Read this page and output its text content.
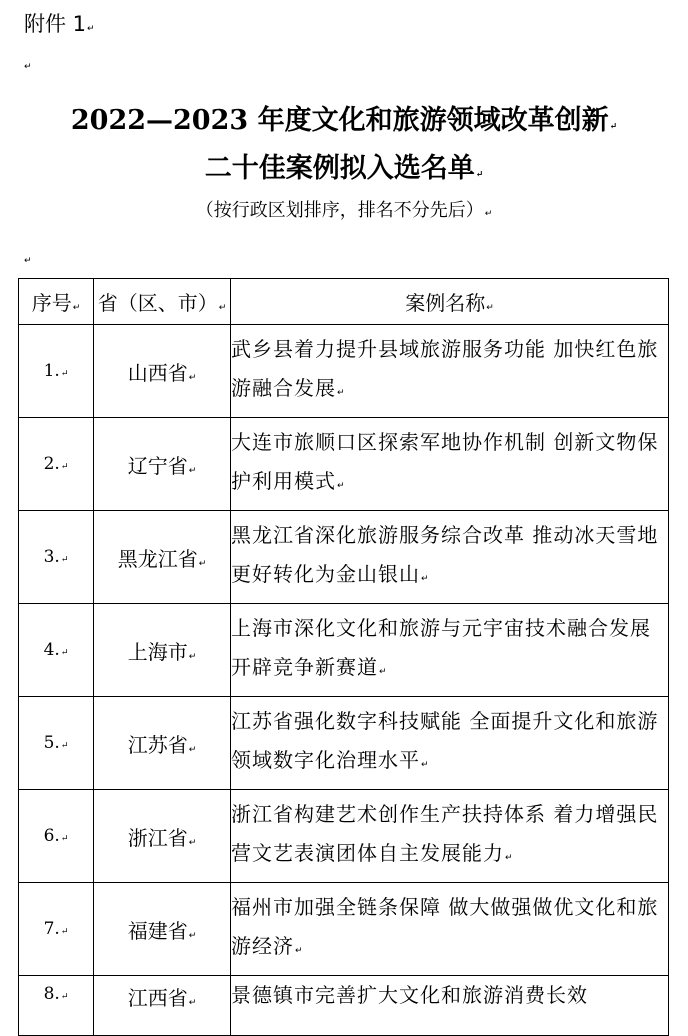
附件 1↵
↵
2022—2023 年度文化和旅游领域改革创新↵
二十佳案例拟入选名单↵
（按行政区划排序，排名不分先后）↵
↵
序号↵	省（区、市）↵	案例名称↵
1.↵	山西省↵	武乡县着力提升县域旅游服务功能 加快红色旅游融合发展↵
2.↵	辽宁省↵	大连市旅顺口区探索军地协作机制 创新文物保护利用模式↵
3.↵	黑龙江省↵	黑龙江省深化旅游服务综合改革 推动冰天雪地更好转化为金山银山↵
4.↵	上海市↵	上海市深化文化和旅游与元宇宙技术融合发展 开辟竞争新赛道↵
5.↵	江苏省↵	江苏省强化数字科技赋能 全面提升文化和旅游领域数字化治理水平↵
6.↵	浙江省↵	浙江省构建艺术创作生产扶持体系 着力增强民营文艺表演团体自主发展能力↵
7.↵	福建省↵	福州市加强全链条保障 做大做强做优文化和旅游经济↵
8.↵	江西省↵	景德镇市完善扩大文化和旅游消费长效
